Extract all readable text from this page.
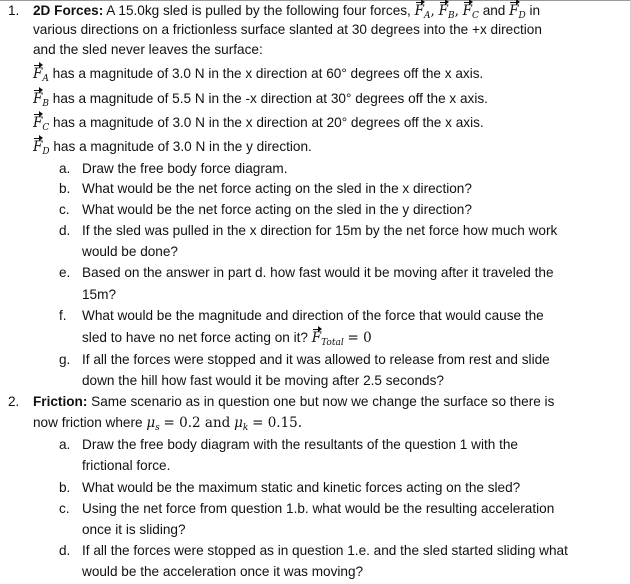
1. 2D Forces: A 15.0kg sled is pulled by the following four forces, $F_A$, $F_B$, $F_C$ and $F_D$ in
various directions on a frictionless surface slanted at 30 degrees into the +x direction
and the sled never leaves the surface:
$F_A$ has a magnitude of 3.0 N in the x direction at 60° degrees off the x axis.
$F_B$ has a magnitude of 5.5 N in the -x direction at 30° degrees off the x axis.
$F_C$ has a magnitude of 3.0 N in the x direction at 20° degrees off the x axis.
$F_D$ has a magnitude of 3.0 N in the y direction.
a. Draw the free body force diagram.
b. What would be the net force acting on the sled in the x direction?
c. What would be the net force acting on the sled in the y direction?
d. If the sled was pulled in the x direction for 15m by the net force how much work
would be done?
e. Based on the answer in part d. how fast would it be moving after it traveled the
15m?
f. What would be the magnitude and direction of the force that would cause the
sled to have no net force acting on it? $F_{Total} = 0$
g. If all the forces were stopped and it was allowed to release from rest and slide
down the hill how fast would it be moving after 2.5 seconds?
2. Friction: Same scenario as in question one but now we change the surface so there is
now friction where $\mu_s = 0.2$ and $\mu_k = 0.15$.
a. Draw the free body diagram with the resultants of the question 1 with the
frictional force.
b. What would be the maximum static and kinetic forces acting on the sled?
c. Using the net force from question 1.b. what would be the resulting acceleration
once it is sliding?
d. If all the forces were stopped as in question 1.e. and the sled started sliding what
would be the acceleration once it was moving?
